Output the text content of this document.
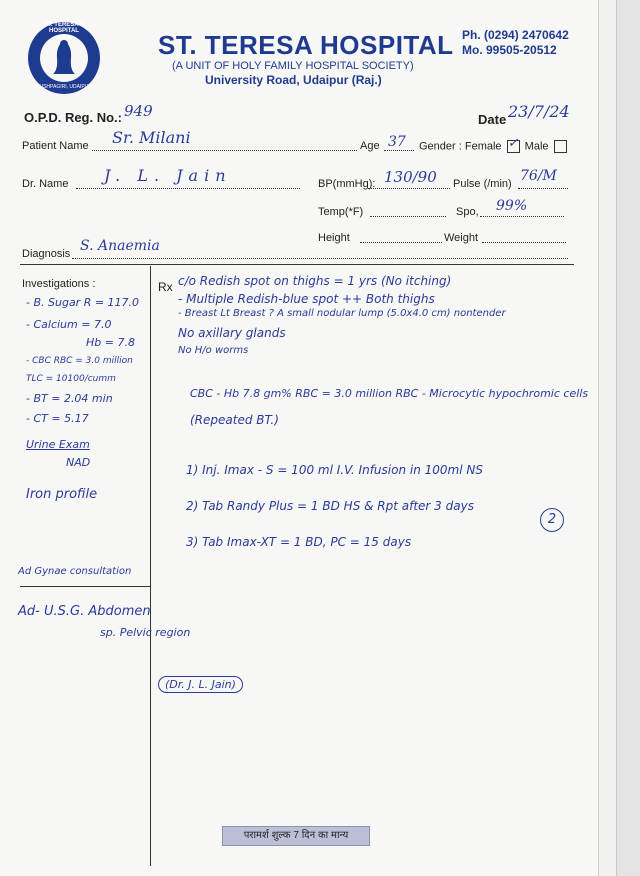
ST. TERESA'S HOSPITAL
PUSHPAGIRI, UDAIPUR
ST. TERESA HOSPITAL
(A UNIT OF HOLY FAMILY HOSPITAL SOCIETY)
University Road, Udaipur (Raj.)
Ph. (0294) 2470642
Mo. 99505-20512
O.P.D. Reg. No.: 949	Date 23/7/24
Patient Name Sr. Milani	Age 37 Gender : Female ✓ Male
Dr. Name J. L. Jain	BP(mmHg): 130/90 Pulse (/min) 76/M
Temp(*F)	Spo, 99%
Height	Weight
Diagnosis S. Anaemia
Investigations :
- B. Sugar R = 117.0
- Calcium = 7.0
Hb = 7.8
- CBC RBC = 3.0 million
TLC = 10100/cumm
- BT = 2.04 min
- CT = 5.17
Urine Exam
NAD
Iron profile
Ad Gynae consultation
Ad- U.S.G. Abdomen
sp. Pelvic region
(Dr. J. L. Jain)
Rx c/o Redish spot on thighs = 1 yrs (No itching)
- Multiple Redish-blue spot ++ Both thighs
- Breast Lt Breast ? A small nodular lump (5.0x4.0 cm) nontender
No axillary glands
No H/o worms
CBC - Hb 7.8 gm% RBC = 3.0 million RBC - Microcytic hypochromic cells
(Repeated BT.)
1) Inj. Imax - S = 100 ml I.V. Infusion in 100ml NS
2) Tab Randy Plus = 1 BD HS & Rpt after 3 days
3) Tab Imax-XT = 1 BD, PC = 15 days
2
परामर्श शुल्क 7 दिन का मान्य
